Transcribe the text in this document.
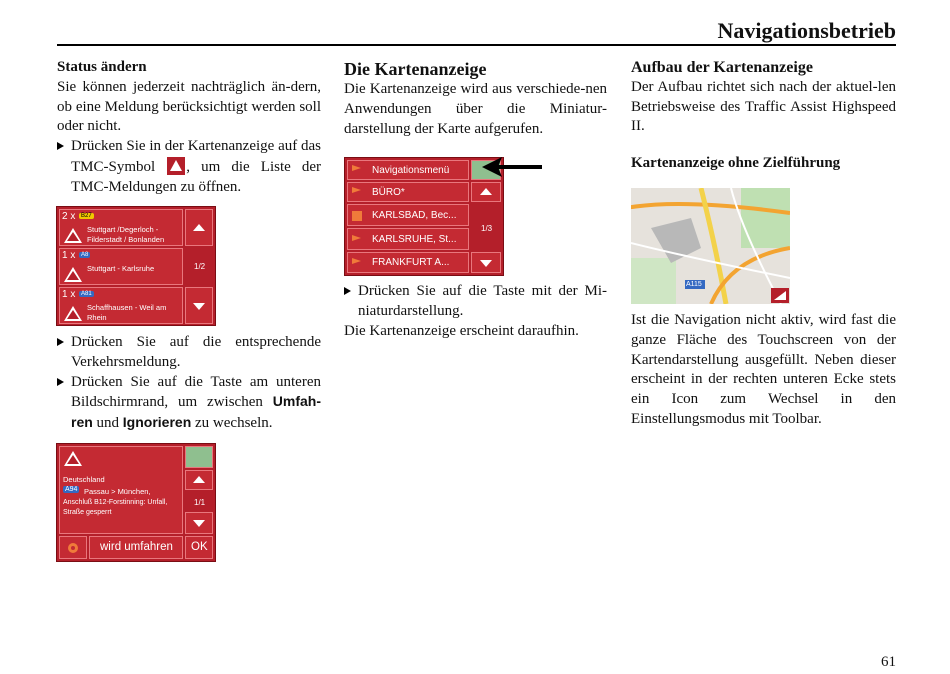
Navigationsbetrieb

Status ändern

Sie können jederzeit nachträglich än-dern, ob eine Meldung berücksichtigt werden soll oder nicht.

Drücken Sie in der Kartenanzeige auf das TMC-Symbol , um die Liste der TMC-Meldungen zu öffnen.

2 x B27
Stuttgart /Degerloch -
Filderstadt / Bonlanden
1 x A8
Stuttgart - Karlsruhe
1 x A81
Schaffhausen - Weil am
Rhein
1/2

Drücken Sie auf die entsprechende Verkehrsmeldung.

Drücken Sie auf die Taste am unteren Bildschirmrand, um zwischen Umfah-ren und Ignorieren zu wechseln.

Deutschland
A94 Passau > München,
Anschluß B12-Forstinning: Unfall,
Straße gesperrt
1/1
wird umfahren OK

Die Kartenanzeige

Die Kartenanzeige wird aus verschiede-nen Anwendungen über die Miniatur-darstellung der Karte aufgerufen.

Navigationsmenü
BÜRO*
KARLSBAD, Bec...
KARLSRUHE, St...
FRANKFURT A...
1/3

Drücken Sie auf die Taste mit der Mi-niaturdarstellung.

Die Kartenanzeige erscheint daraufhin.

Aufbau der Kartenanzeige

Der Aufbau richtet sich nach der aktuel-len Betriebsweise des Traffic Assist Highspeed II.

Kartenanzeige ohne Zielführung

A115

Ist die Navigation nicht aktiv, wird fast die ganze Fläche des Touchscreen von der Kartendarstellung ausgefüllt. Neben dieser erscheint in der rechten unteren Ecke stets ein Icon zum Wechsel in den Einstellungsmodus mit Toolbar.

61
